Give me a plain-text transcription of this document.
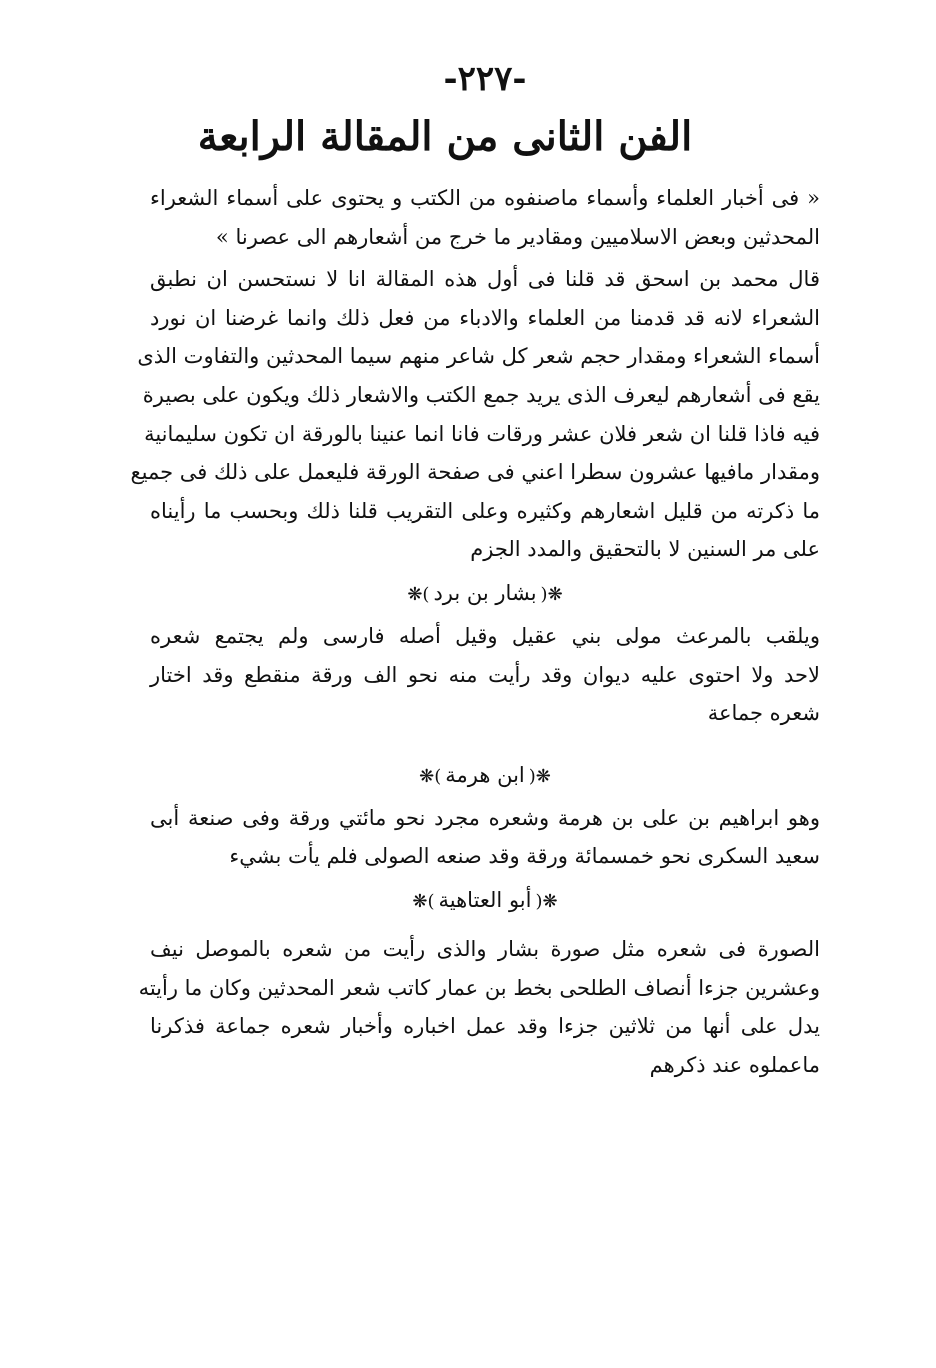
-٢٢٧-
الفن الثانى من المقالة الرابعة
« فى أخبار العلماء وأسماء ماصنفوه من الكتب و يحتوى على أسماء الشعراء
المحدثين وبعض الاسلاميين ومقادير ما خرج من أشعارهم الى عصرنا »
قال محمد بن اسحق قد قلنا فى أول هذه المقالة انا لا نستحسن ان نطبق
الشعراء لانه قد قدمنا من العلماء والادباء من فعل ذلك وانما غرضنا ان نورد
أسماء الشعراء ومقدار حجم شعر كل شاعر منهم سيما المحدثين والتفاوت الذى
يقع فى أشعارهم ليعرف الذى يريد جمع الكتب والاشعار ذلك ويكون على بصيرة
فيه فاذا قلنا ان شعر فلان عشر ورقات فانا انما عنينا بالورقة ان تكون سليمانية
ومقدار مافيها عشرون سطرا اعني فى صفحة الورقة فليعمل على ذلك فى جميع
ما ذكرته من قليل اشعارهم وكثيره وعلى التقريب قلنا ذلك وبحسب ما رأيناه
على مر السنين لا بالتحقيق والمدد الجزم
❋(بشار بن برد)❋
ويلقب بالمرعث مولى بني عقيل وقيل أصله فارسى ولم يجتمع شعره
لاحد ولا احتوى عليه ديوان وقد رأيت منه نحو الف ورقة منقطع وقد اختار
شعره جماعة
❋(ابن هرمة)❋
وهو ابراهيم بن على بن هرمة وشعره مجرد نحو مائتي ورقة وفى صنعة أبى
سعيد السكرى نحو خمسمائة ورقة وقد صنعه الصولى فلم يأت بشيء
❋(أبو العتاهية)❋
الصورة فى شعره مثل صورة بشار والذى رأيت من شعره بالموصل نيف
وعشرين جزءا أنصاف الطلحى بخط بن عمار كاتب شعر المحدثين وكان ما رأيته
يدل على أنها من ثلاثين جزءا وقد عمل اخباره وأخبار شعره جماعة فذكرنا
ماعملوه عند ذكرهم
